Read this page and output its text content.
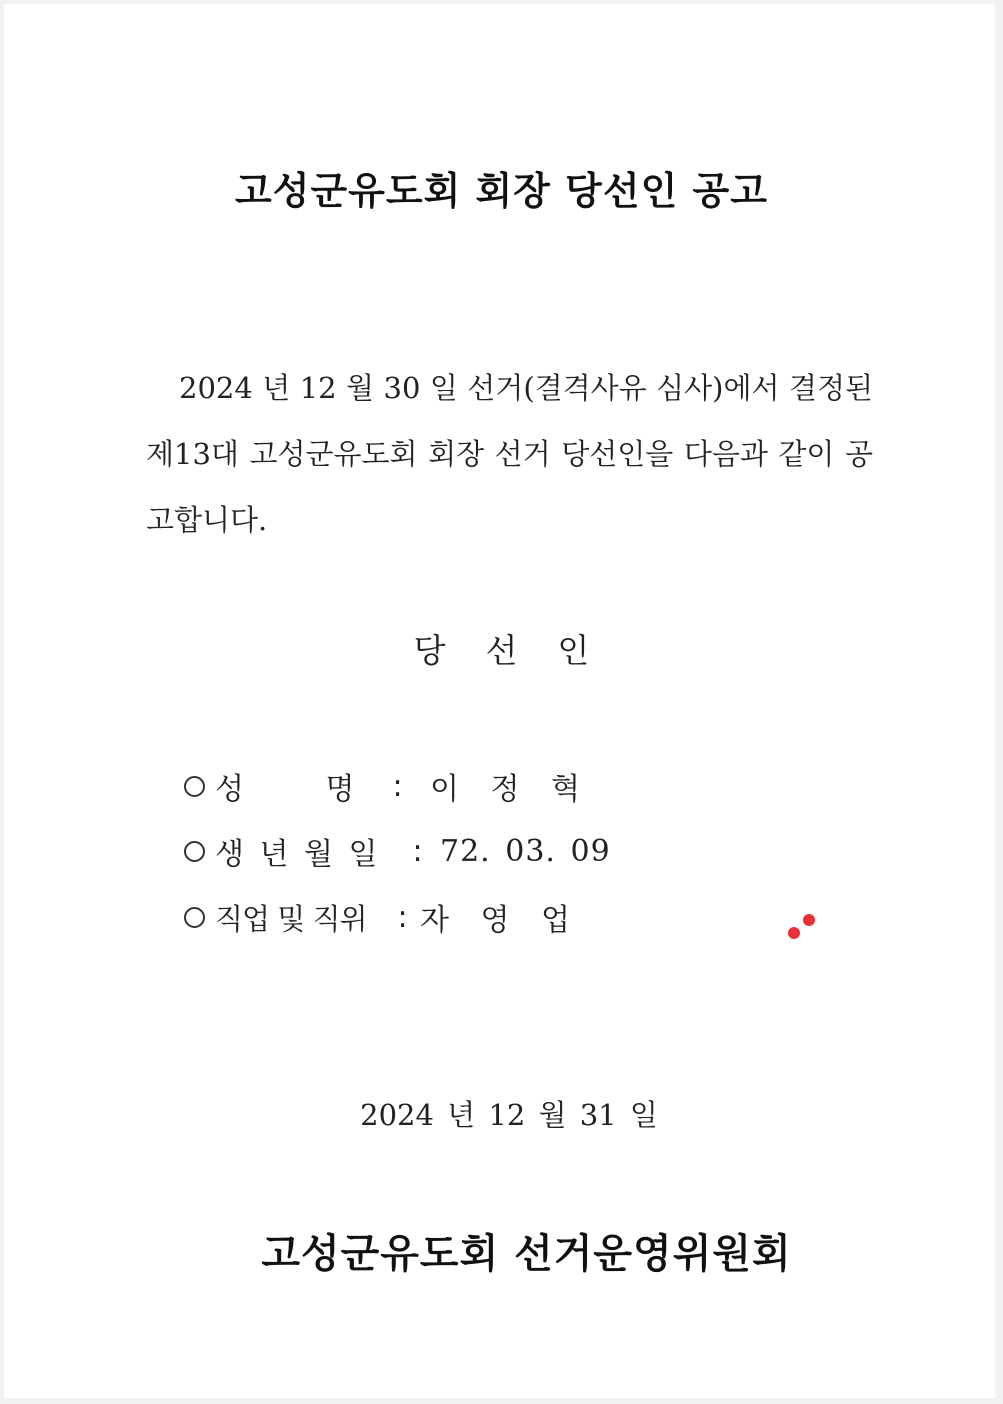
고성군유도회 회장 당선인 공고

2024 년 12 월 30 일 선거(결격사유 심사)에서 결정된 제13대 고성군유도회 회장 선거 당선인을 다음과 같이 공고합니다.

당선인
성 명	: 이 정 혁
생 년 월 일	: 72. 03. 09
직업 및 직위	: 자 영 업
2024 년 12 월 31 일
고성군유도회 선거운영위원회
